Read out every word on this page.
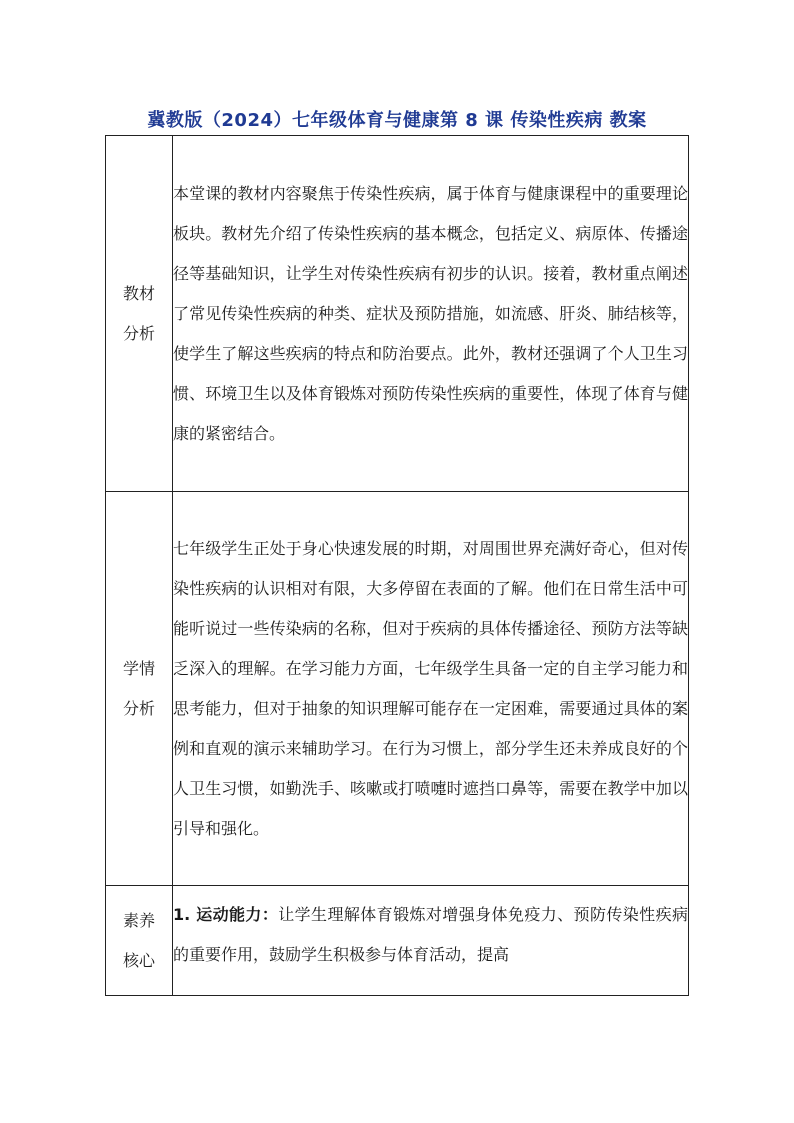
冀教版（2024）七年级体育与健康第 8 课 传染性疾病 教案
教材
分析	本堂课的教材内容聚焦于传染性疾病，属于体育与健康课程中的重要理论板块。教材先介绍了传染性疾病的基本概念，包括定义、病原体、传播途径等基础知识，让学生对传染性疾病有初步的认识。接着，教材重点阐述了常见传染性疾病的种类、症状及预防措施，如流感、肝炎、肺结核等，使学生了解这些疾病的特点和防治要点。此外，教材还强调了个人卫生习惯、环境卫生以及体育锻炼对预防传染性疾病的重要性，体现了体育与健康的紧密结合。

学情
分析	七年级学生正处于身心快速发展的时期，对周围世界充满好奇心，但对传染性疾病的认识相对有限，大多停留在表面的了解。他们在日常生活中可能听说过一些传染病的名称，但对于疾病的具体传播途径、预防方法等缺乏深入的理解。在学习能力方面，七年级学生具备一定的自主学习能力和思考能力，但对于抽象的知识理解可能存在一定困难，需要通过具体的案例和直观的演示来辅助学习。在行为习惯上，部分学生还未养成良好的个人卫生习惯，如勤洗手、咳嗽或打喷嚏时遮挡口鼻等，需要在教学中加以引导和强化。

素养
核心	1. 运动能力：让学生理解体育锻炼对增强身体免疫力、预防传染性疾病的重要作用，鼓励学生积极参与体育活动，提高
